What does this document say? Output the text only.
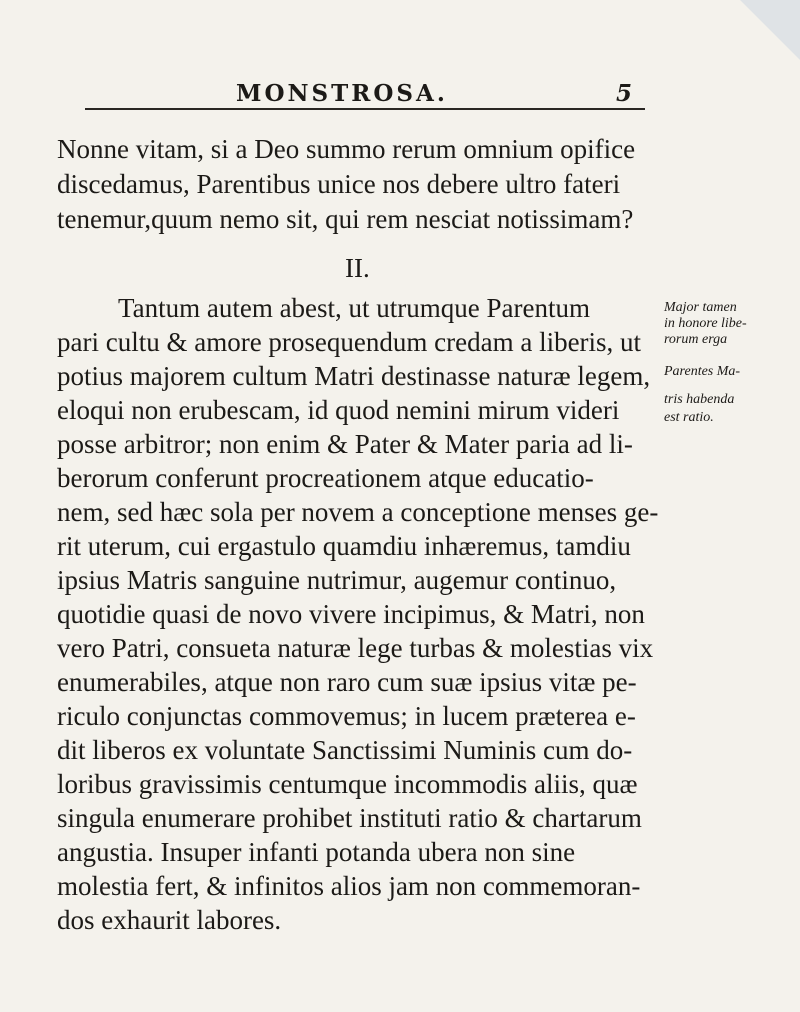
MONSTROSA.	5
Nonne vitam, si a Deo summo rerum omnium opifice
discedamus, Parentibus unice nos debere ultro fateri
tenemur,quum nemo sit, qui rem nesciat notissimam?
II.
Tantum autem abest, ut utrumque Parentum
pari cultu & amore prosequendum credam a liberis, ut
potius majorem cultum Matri destinasse naturæ legem,
eloqui non erubescam, id quod nemini mirum videri
posse arbitror; non enim & Pater & Mater paria ad li-
berorum conferunt procreationem atque educatio-
nem, sed hæc sola per novem a conceptione menses ge-
rit uterum, cui ergastulo quamdiu inhæremus, tamdiu
ipsius Matris sanguine nutrimur, augemur continuo,
quotidie quasi de novo vivere incipimus, & Matri, non
vero Patri, consueta naturæ lege turbas & molestias vix
enumerabiles, atque non raro cum suæ ipsius vitæ pe-
riculo conjunctas commovemus; in lucem præterea e-
dit liberos ex voluntate Sanctissimi Numinis cum do-
loribus gravissimis centumque incommodis aliis, quæ
singula enumerare prohibet instituti ratio & chartarum
angustia. Insuper infanti potanda ubera non sine
molestia fert, & infinitos alios jam non commemoran-
dos exhaurit labores.
Major tamen
in honore libe-
rorum erga
Parentes Ma-
tris habenda
est ratio.
